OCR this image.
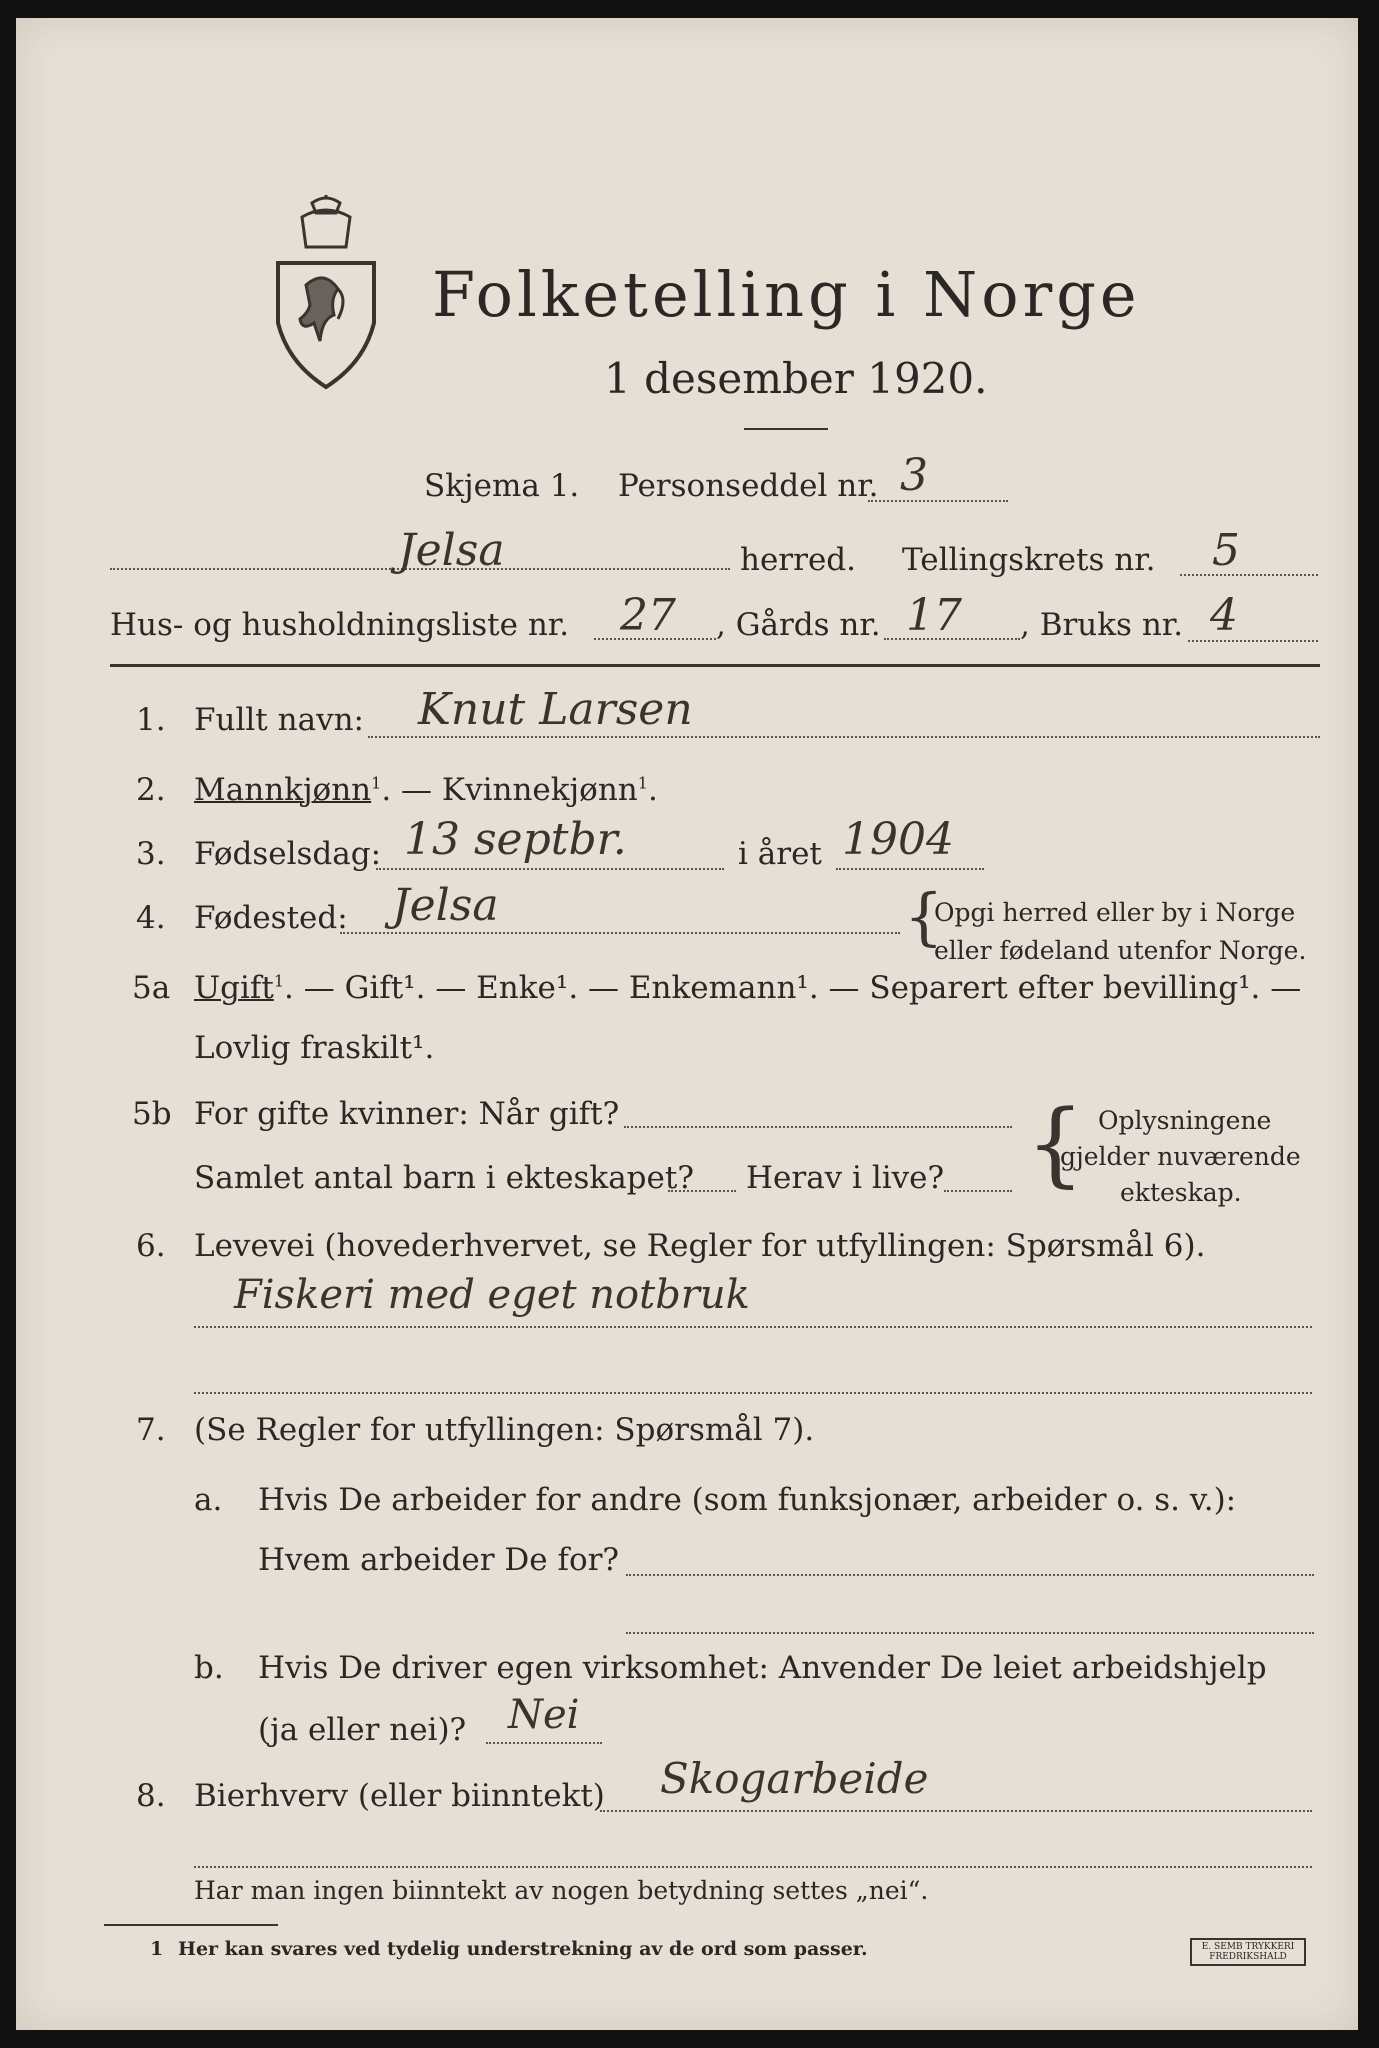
Folketelling i Norge
1 desember 1920.
Skjema 1. Personseddel nr. 3
Jelsa	herred. Tellingskrets nr. 5
Hus- og husholdningsliste nr. 27 , Gårds nr. 17 , Bruks nr. 4
1. Fullt navn: Knut Larsen
2. Mannkjønn$^1$. — Kvinnekjønn$^1$.
3. Fødselsdag: 13 septbr.	i året 1904
4. Fødested: Jelsa	{
Opgi herred eller by i Norge
eller fødeland utenfor Norge.
5a Ugift$^1$. — Gift¹. — Enke¹. — Enkemann¹. — Separert efter bevilling¹. —
Lovlig fraskilt¹.
5b For gifte kvinner: Når gift?
Samlet antal barn i ekteskapet? Herav i live? { Oplysningene
gjelder nuværende
ekteskap.
6. Levevei (hovederhvervet, se Regler for utfyllingen: Spørsmål 6).
Fiskeri med eget notbruk
7. (Se Regler for utfyllingen: Spørsmål 7).
a. Hvis De arbeider for andre (som funksjonær, arbeider o. s. v.):
Hvem arbeider De for?
b. Hvis De driver egen virksomhet: Anvender De leiet arbeidshjelp
(ja eller nei)? Nei
8. Bierhverv (eller biinntekt) Skogarbeide
Har man ingen biinntekt av nogen betydning settes „nei“.
1 Her kan svares ved tydelig understrekning av de ord som passer.	E. SEMB TRYKKERI
FREDRIKSHALD
